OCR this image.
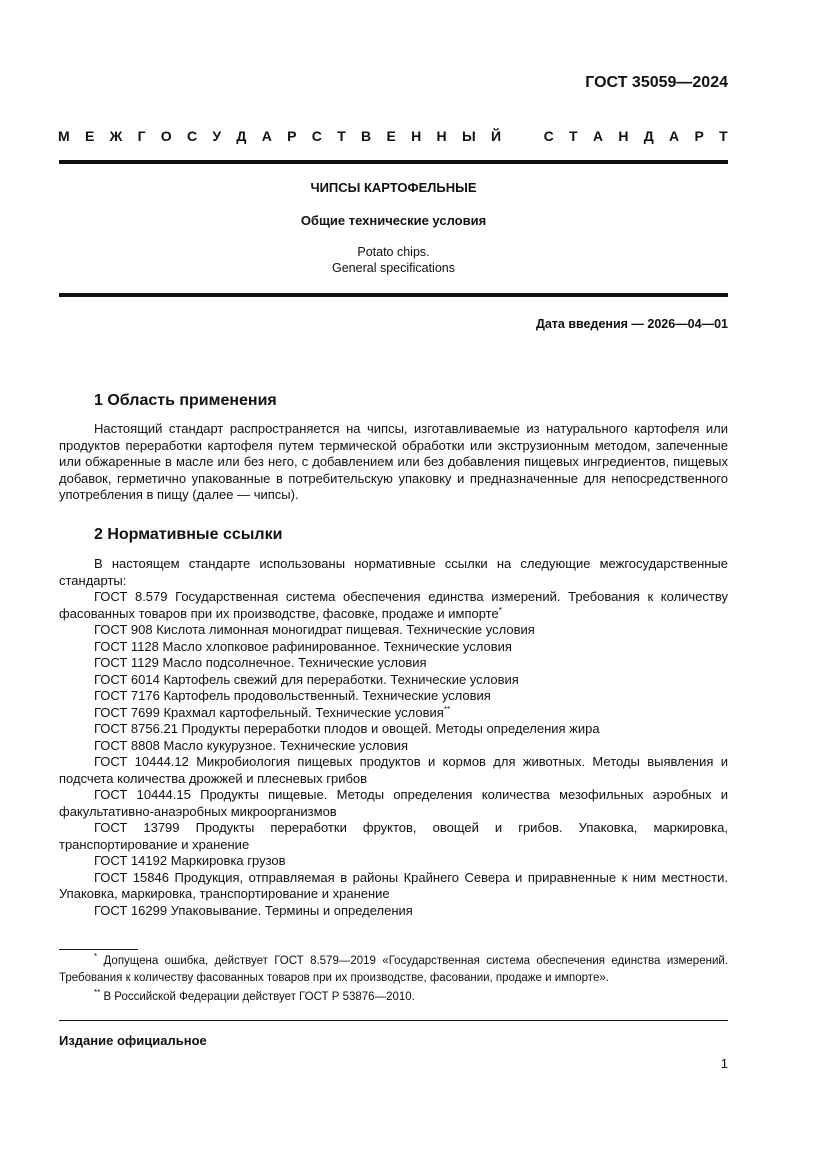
ГОСТ 35059—2024
М Е Ж Г О С У Д А Р С Т В Е Н Н Ы Й	С Т А Н Д А Р Т
ЧИПСЫ КАРТОФЕЛЬНЫЕ
Общие технические условия
Potato chips.
General specifications
Дата введения — 2026—04—01
1 Область применения

Настоящий стандарт распространяется на чипсы, изготавливаемые из натурального картофеля или продуктов переработки картофеля путем термической обработки или экструзионным методом, запеченные или обжаренные в масле или без него, с добавлением или без добавления пищевых ингредиентов, пищевых добавок, герметично упакованные в потребительскую упаковку и предназначенные для непосредственного употребления в пищу (далее — чипсы).

2 Нормативные ссылки

В настоящем стандарте использованы нормативные ссылки на следующие межгосударственные стандарты:

ГОСТ 8.579 Государственная система обеспечения единства измерений. Требования к количеству фасованных товаров при их производстве, фасовке, продаже и импорте*

ГОСТ 908 Кислота лимонная моногидрат пищевая. Технические условия

ГОСТ 1128 Масло хлопковое рафинированное. Технические условия

ГОСТ 1129 Масло подсолнечное. Технические условия

ГОСТ 6014 Картофель свежий для переработки. Технические условия

ГОСТ 7176 Картофель продовольственный. Технические условия

ГОСТ 7699 Крахмал картофельный. Технические условия**

ГОСТ 8756.21 Продукты переработки плодов и овощей. Методы определения жира

ГОСТ 8808 Масло кукурузное. Технические условия

ГОСТ 10444.12 Микробиология пищевых продуктов и кормов для животных. Методы выявления и подсчета количества дрожжей и плесневых грибов

ГОСТ 10444.15 Продукты пищевые. Методы определения количества мезофильных аэробных и факультативно-анаэробных микроорганизмов

ГОСТ 13799 Продукты переработки фруктов, овощей и грибов. Упаковка, маркировка, транспортирование и хранение

ГОСТ 14192 Маркировка грузов

ГОСТ 15846 Продукция, отправляемая в районы Крайнего Севера и приравненные к ним местности. Упаковка, маркировка, транспортирование и хранение

ГОСТ 16299 Упаковывание. Термины и определения

* Допущена ошибка, действует ГОСТ 8.579—2019 «Государственная система обеспечения единства измерений. Требования к количеству фасованных товаров при их производстве, фасовании, продаже и импорте».

** В Российской Федерации действует ГОСТ Р 53876—2010.

Издание официальное
1
